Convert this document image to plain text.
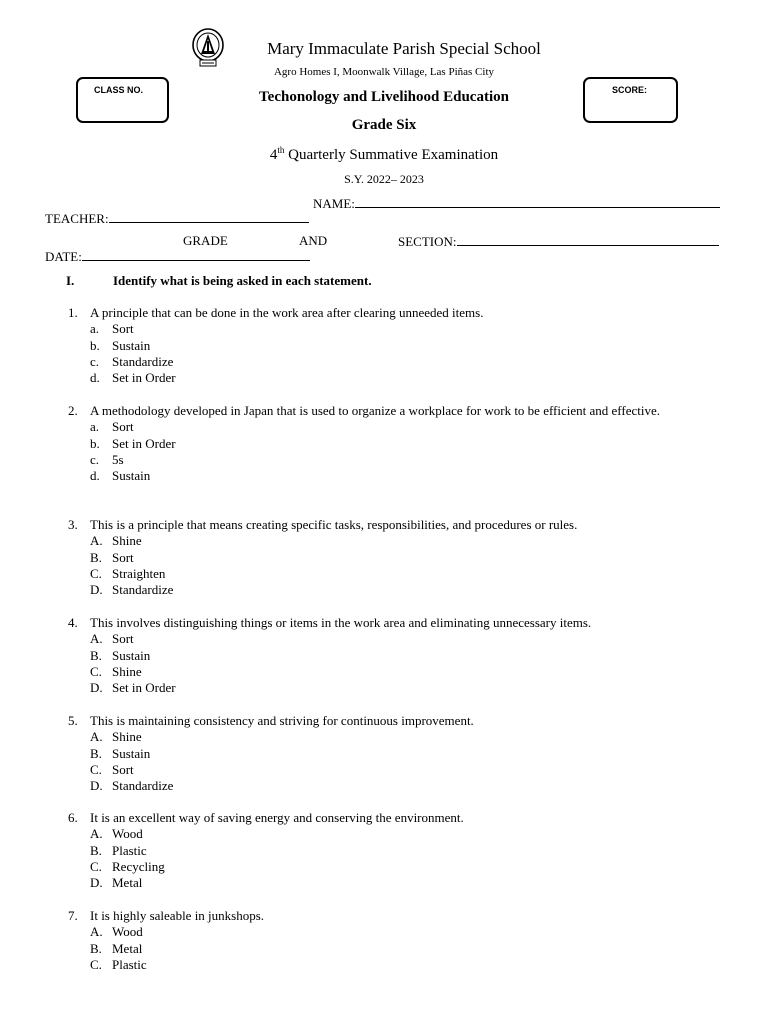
Mary Immaculate Parish Special School
Agro Homes I, Moonwalk Village, Las Piñas City
CLASS NO.	SCORE:
Techonology and Livelihood Education
Grade Six
4th Quarterly Summative Examination
S.Y. 2022– 2023
NAME:
TEACHER:
GRADE	AND	SECTION:
DATE:
I.	Identify what is being asked in each statement.
1. A principle that can be done in the work area after clearing unneeded items.
a. Sort
b. Sustain
c. Standardize
d. Set in Order
2. A methodology developed in Japan that is used to organize a workplace for work to be efficient and effective.
a. Sort
b. Set in Order
c. 5s
d. Sustain
3. This is a principle that means creating specific tasks, responsibilities, and procedures or rules.
A. Shine
B. Sort
C. Straighten
D. Standardize
4. This involves distinguishing things or items in the work area and eliminating unnecessary items.
A. Sort
B. Sustain
C. Shine
D. Set in Order
5. This is maintaining consistency and striving for continuous improvement.
A. Shine
B. Sustain
C. Sort
D. Standardize
6. It is an excellent way of saving energy and conserving the environment.
A. Wood
B. Plastic
C. Recycling
D. Metal
7. It is highly saleable in junkshops.
A. Wood
B. Metal
C. Plastic
